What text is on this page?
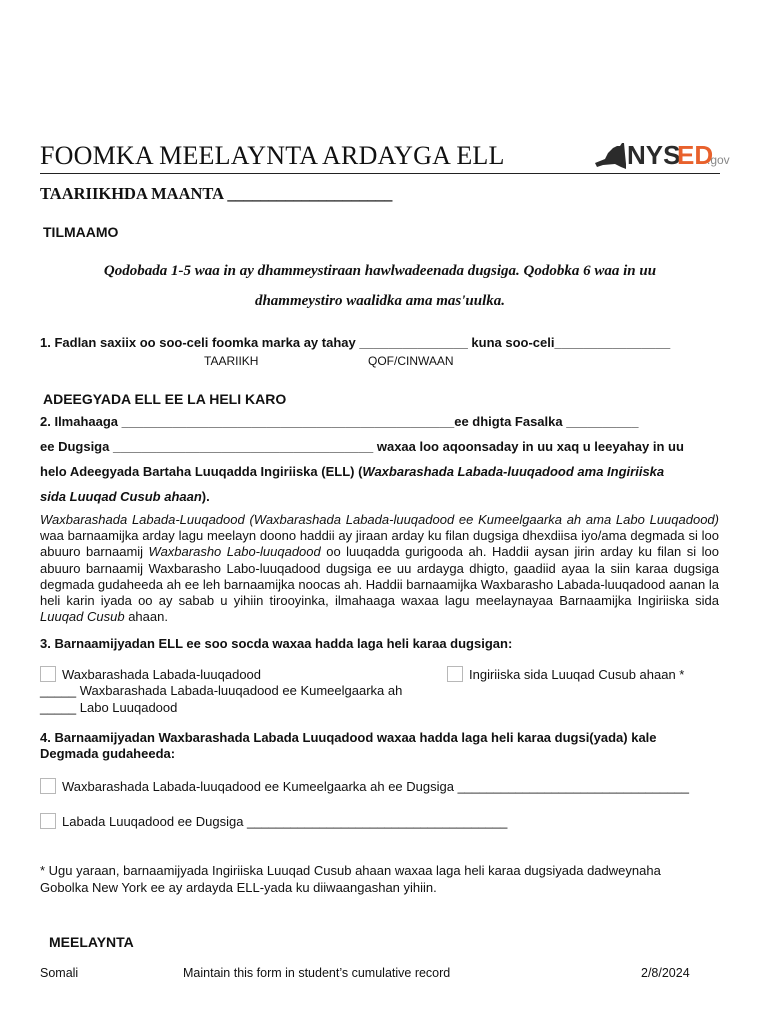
FOOMKA MEELAYNTA ARDAYGA ELL	NYS
ED
.gov
TAARIIKHDA MAANTA ____________________
TILMAAMO
Qodobada 1-5 waa in ay dhammeystiraan hawlwadeenada dugsiga. Qodobka 6 waa in uu
dhammeystiro waalidka ama mas'uulka.
1. Fadlan saxiix oo soo-celi foomka marka ay tahay _______________ kuna soo-celi________________
TAARIIKH	QOF/CINWAAN
ADEEGYADA ELL EE LA HELI KARO
2. Ilmahaaga ______________________________________________ee dhigta Fasalka __________
ee Dugsiga ____________________________________ waxaa loo aqoonsaday in uu xaq u leeyahay in uu
helo Adeegyada Bartaha Luuqadda Ingiriiska (ELL) (Waxbarashada Labada-luuqadood ama Ingiriiska
sida Luuqad Cusub ahaan).
Waxbarashada Labada-Luuqadood (Waxbarashada Labada-luuqadood ee Kumeelgaarka ah ama Labo Luuqadood) waa barnaamijka arday lagu meelayn doono haddii ay jiraan arday ku filan dugsiga dhexdiisa iyo/ama degmada si loo abuuro barnaamij Waxbarasho Labo-luuqadood oo luuqadda gurigooda ah. Haddii aysan jirin arday ku filan si loo abuuro barnaamij Waxbarasho Labo-luuqadood dugsiga ee uu ardayga dhigto, gaadiid ayaa la siin karaa dugsiga degmada gudaheeda ah ee leh barnaamijka noocas ah. Haddii barnaamijka Waxbarasho Labada-luuqadood aanan la heli karin iyada oo ay sabab u yihiin tirooyinka, ilmahaaga waxaa lagu meelaynayaa Barnaamijka Ingiriiska sida Luuqad Cusub ahaan.
3. Barnaamijyadan ELL ee soo socda waxaa hadda laga heli karaa dugsigan:
Waxbarashada Labada-luuqadood	Ingiriiska sida Luuqad Cusub ahaan *
_____ Waxbarashada Labada-luuqadood ee Kumeelgaarka ah
_____ Labo Luuqadood
4. Barnaamijyadan Waxbarashada Labada Luuqadood waxaa hadda laga heli karaa dugsi(yada) kale
Degmada gudaheeda:
Waxbarashada Labada-luuqadood ee Kumeelgaarka ah ee Dugsiga ________________________________
Labada Luuqadood ee Dugsiga ____________________________________
* Ugu yaraan, barnaamijyada Ingiriiska Luuqad Cusub ahaan waxaa laga heli karaa dugsiyada dadweynaha
Gobolka New York ee ay ardayda ELL-yada ku diiwaangashan yihiin.
MEELAYNTA
Somali	Maintain this form in student’s cumulative record	2/8/2024
